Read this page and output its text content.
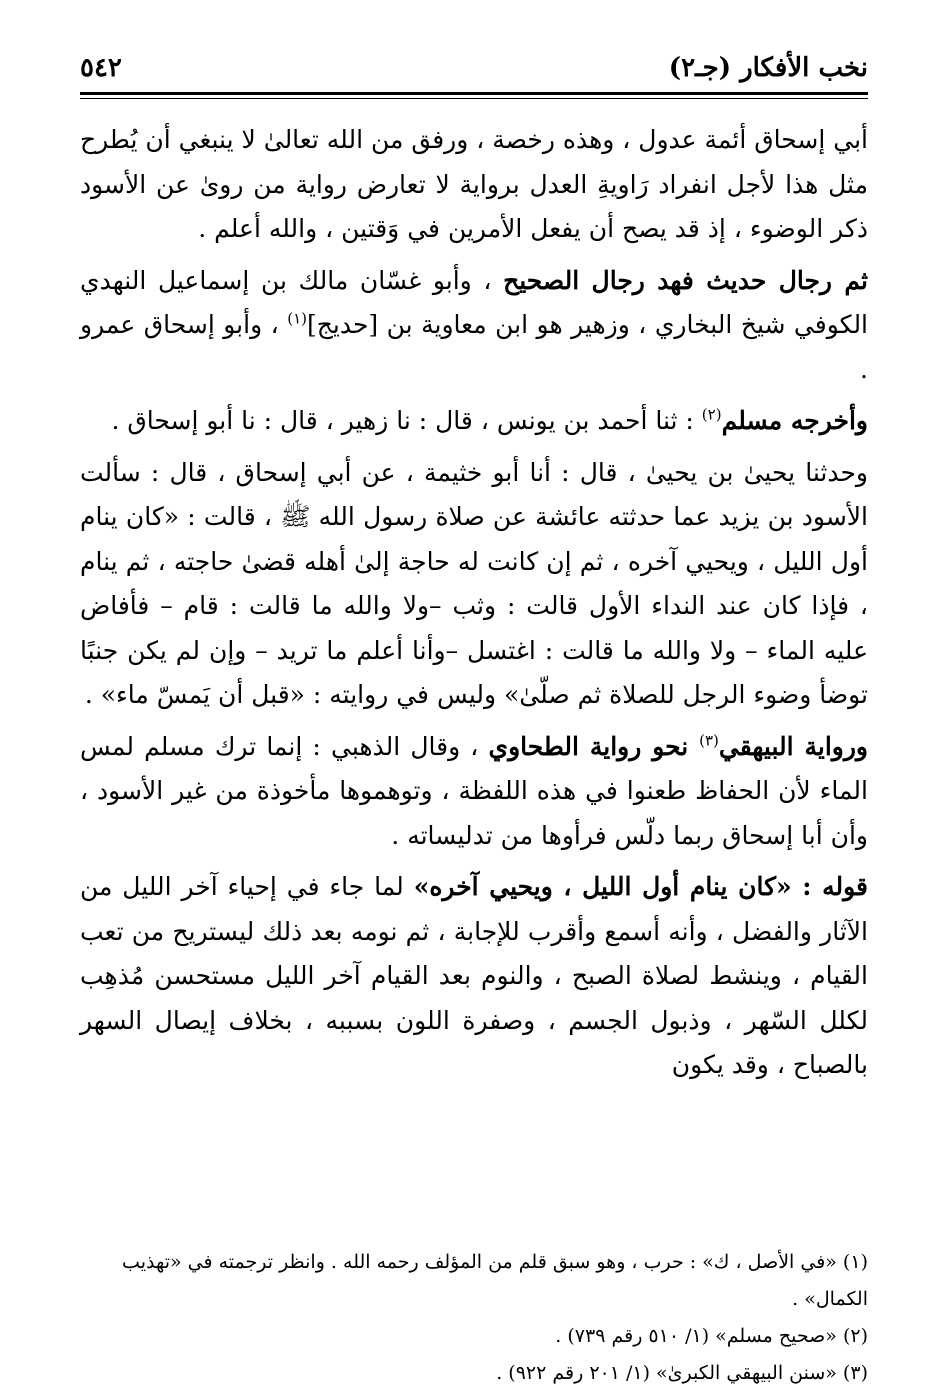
نخب الأفكار (جـ٢)
٥٤٢

أبي إسحاق أئمة عدول ، وهذه رخصة ، ورفق من الله تعالىٰ لا ينبغي أن يُطرح مثل هذا لأجل انفراد رَاويةِ العدل برواية لا تعارض رواية من رویٰ عن الأسود ذكر الوضوء ، إذ قد يصح أن يفعل الأمرين في وَقتين ، والله أعلم .

ثم رجال حديث فهد رجال الصحيح ، وأبو غسّان مالك بن إسماعيل النهدي الكوفي شيخ البخاري ، وزهير هو ابن معاوية بن [حديج]$^{(١)}$ ، وأبو إسحاق عمرو .

وأخرجه مسلم$^{(٢)}$ : ثنا أحمد بن يونس ، قال : نا زهير ، قال : نا أبو إسحاق .

وحدثنا يحيىٰ بن يحيىٰ ، قال : أنا أبو خثيمة ، عن أبي إسحاق ، قال : سألت الأسود بن يزيد عما حدثته عائشة عن صلاة رسول الله ﷺ ، قالت : «كان ينام أول الليل ، ويحيي آخره ، ثم إن كانت له حاجة إلىٰ أهله قضىٰ حاجته ، ثم ينام ، فإذا كان عند النداء الأول قالت : وثب –ولا والله ما قالت : قام – فأفاض عليه الماء – ولا والله ما قالت : اغتسل –وأنا أعلم ما تريد – وإن لم يكن جنبًا توضأ وضوء الرجل للصلاة ثم صلّىٰ» وليس في روايته : «قبل أن يَمسّ ماء» .

ورواية البيهقي$^{(٣)}$ نحو رواية الطحاوي ، وقال الذهبي : إنما ترك مسلم لمس الماء لأن الحفاظ طعنوا في هذه اللفظة ، وتوهموها مأخوذة من غير الأسود ، وأن أبا إسحاق ربما دلّس فرأوها من تدليساته .

قوله : «كان ينام أول الليل ، ويحيي آخره» لما جاء في إحياء آخر الليل من الآثار والفضل ، وأنه أسمع وأقرب للإجابة ، ثم نومه بعد ذلك ليستريح من تعب القيام ، وينشط لصلاة الصبح ، والنوم بعد القيام آخر الليل مستحسن مُذهِب لكلل السّهر ، وذبول الجسم ، وصفرة اللون بسببه ، بخلاف إيصال السهر بالصباح ، وقد يكون

(١) «في الأصل ، ك» : حرب ، وهو سبق قلم من المؤلف رحمه الله . وانظر ترجمته في «تهذيب الكمال» .

(٢) «صحيح مسلم» (١/ ٥١٠ رقم ٧٣٩) .

(٣) «سنن البيهقي الكبرىٰ» (١/ ٢٠١ رقم ٩٢٢) .
